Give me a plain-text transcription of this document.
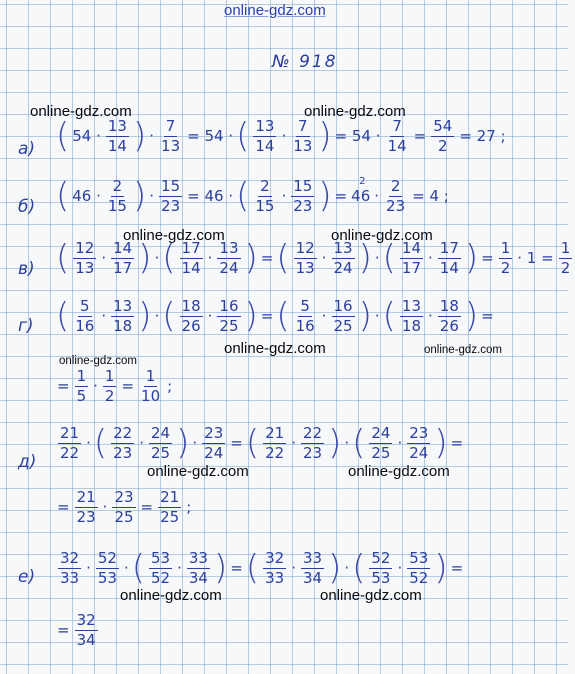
online-gdz.com
online-gdz.com	online-gdz.com
online-gdz.com	online-gdz.com
online-gdz.com
online-gdz.com
online-gdz.com
online-gdz.com	online-gdz.com
online-gdz.com	online-gdz.com
№ 918
а)
б)
в)
г)
д)
е)
( $54 \cdot \frac{13}{14}$ ) · $\frac{7}{13} = 54$ · ( $\frac{13}{14} \cdot \frac{7}{13}$ ) = $54 \cdot \frac{7}{14} = \frac{54}{2} = 27$ ;
( $46 \cdot \frac{2}{15}$ ) · $\frac{15}{23} = 46$ · ( $\frac{2}{15} \cdot \frac{15}{23}$ ) = 46
2
· $\frac{2}{23} = 4$ ;
( $\frac{12}{13} \cdot \frac{14}{17}$ ) · ( $\frac{17}{14} \cdot \frac{13}{24}$ ) = ( $\frac{12}{13} \cdot \frac{13}{24}$ ) · ( $\frac{14}{17} \cdot \frac{17}{14}$ ) = $\frac{1}{2} \cdot 1 = \frac{1}{2}$
( $\frac{5}{16} \cdot \frac{13}{18}$ ) · ( $\frac{18}{26} \cdot \frac{16}{25}$ ) = ( $\frac{5}{16} \cdot \frac{16}{25}$ ) · ( $\frac{13}{18} \cdot \frac{18}{26}$ ) =
= $\frac{1}{5} \cdot \frac{1}{2} = \frac{1}{10}$ ;
$\frac{21}{22}$ · ( $\frac{22}{23} \cdot \frac{24}{25}$ ) · $\frac{23}{24}$ = ( $\frac{21}{22} \cdot \frac{22}{23}$ ) · ( $\frac{24}{25} \cdot \frac{23}{24}$ ) =
= $\frac{21}{23} \cdot \frac{23}{25} = \frac{21}{25}$ ;
$\frac{32}{33} \cdot \frac{52}{53}$ · ( $\frac{53}{52} \cdot \frac{33}{34}$ ) = ( $\frac{32}{33} \cdot \frac{33}{34}$ ) · ( $\frac{52}{53} \cdot \frac{53}{52}$ ) =
= $\frac{32}{34}$
